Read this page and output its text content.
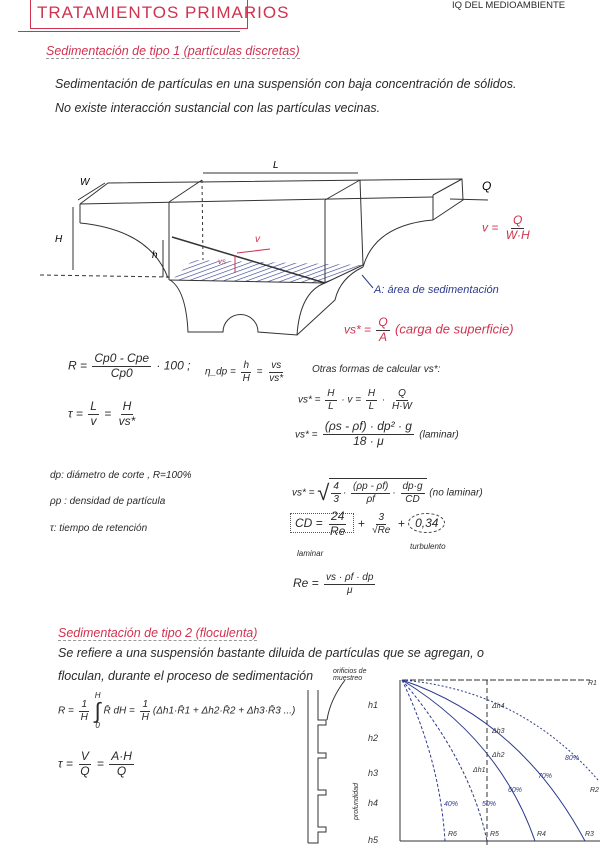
TRATAMIENTOS PRIMARIOS	IQ DEL MEDIOAMBIENTE
Sedimentación de tipo 1 (partículas discretas)
Sedimentación de partículas en una suspensión con baja concentración de sólidos.
No existe interacción sustancial con las partículas vecinas.
L
W
H
h
Q
v
vs
A: área de sedimentación
$v = \frac{Q}{W\cdot H}$
$vs* = \frac{Q}{A}$ (carga de superficie)
$R = \frac{\text{Cp0 - Cpe}}{Cp0} \cdot 100$ ; η_dp = $\frac{h}{H} = \frac{vs}{vs*}$
$\tau = \frac{L}{v} = \frac{H}{vs*}$
dp: diámetro de corte , R=100%
ρp : densidad de partícula
τ: tiempo de retención
Otras formas de calcular vs*:
$vs* = \frac{H}{L} \cdot v = \frac{H}{L} \cdot \frac{Q}{H\cdot W}$
$vs* = \frac{\text{(ρs - ρf) · dp² · g}}{18 \cdot \mu}$ (laminar)
vs* = √ $\frac{4}{3} \cdot \frac{(\rho p - \rho f)}{\rho f} \cdot \frac{dp\cdot g}{CD} (no$ laminar)
CD = $\frac{24}{Re} + \frac{3}{√Re} + 0,34$
laminar
turbulento
$Re = \frac{vs \cdot \rho f \cdot dp}{\mu}$
Sedimentación de tipo 2 (floculenta)
Se refiere a una suspensión bastante diluida de partículas que se agregan, o
floculan, durante el proceso de sedimentación
$R = \frac{1}{H}$

H
∫
0
R̄ dH = $\frac{1}{H}$ (Δh1·R̄1 + Δh2·R̄2 + Δh3·R̄3 ...)
$\tau = \frac{V}{Q} = \frac{A\cdot H}{Q}$
orificios de muestreo
h1
h2
h3
h4
h5
profundidad
Δh4
Δh3
Δh2
Δh1
80%
70%
60%
50%
40%
R1
R2
R3
R4
R5
R6
